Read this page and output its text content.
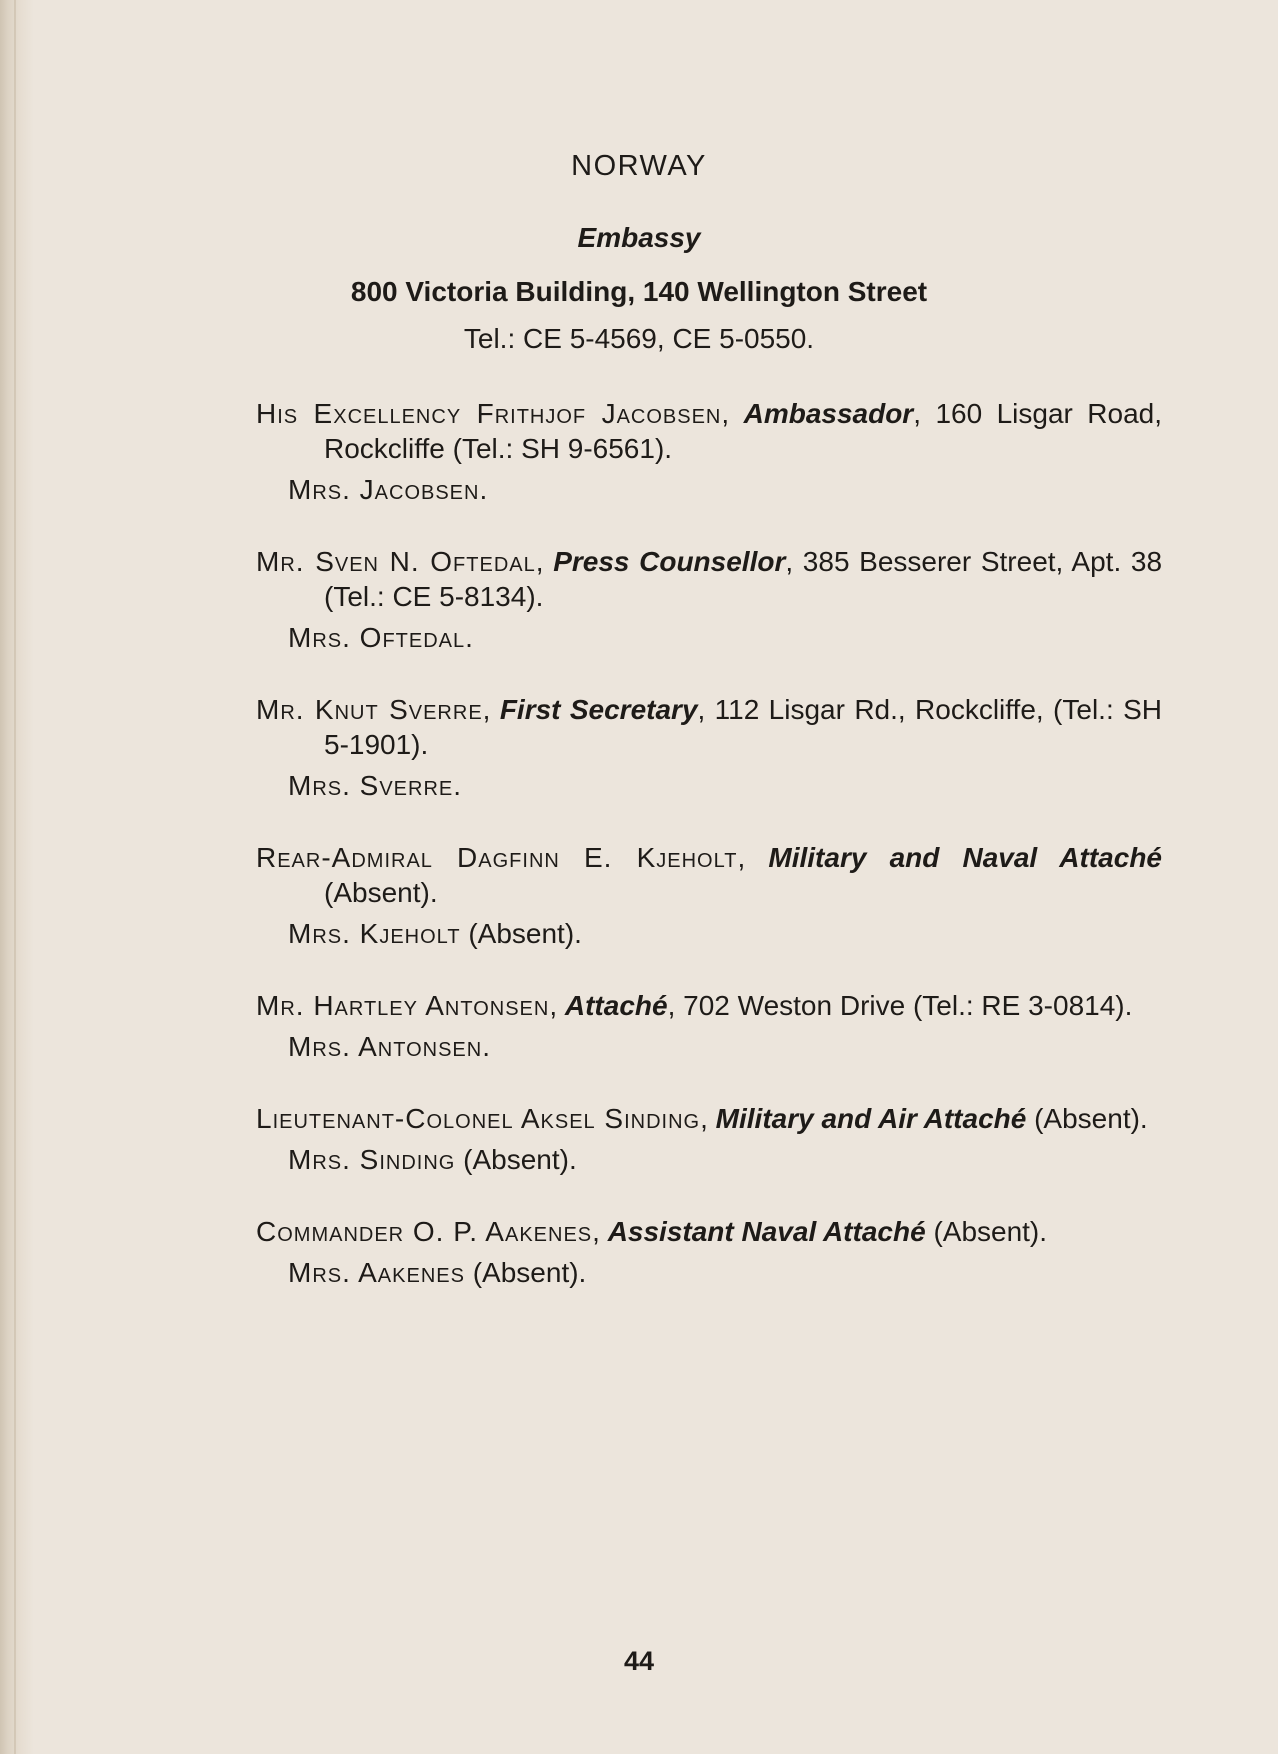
NORWAY
Embassy
800 Victoria Building, 140 Wellington Street
Tel.: CE 5-4569, CE 5-0550.
His Excellency Frithjof Jacobsen, Ambassador, 160 Lisgar Road, Rockcliffe (Tel.: SH 9-6561).
Mrs. Jacobsen.
Mr. Sven N. Oftedal, Press Counsellor, 385 Besserer Street, Apt. 38 (Tel.: CE 5-8134).
Mrs. Oftedal.
Mr. Knut Sverre, First Secretary, 112 Lisgar Rd., Rockcliffe, (Tel.: SH 5-1901).
Mrs. Sverre.
Rear-Admiral Dagfinn E. Kjeholt, Military and Naval Attaché (Absent).
Mrs. Kjeholt (Absent).
Mr. Hartley Antonsen, Attaché, 702 Weston Drive (Tel.: RE 3-0814).
Mrs. Antonsen.
Lieutenant-Colonel Aksel Sinding, Military and Air Attaché (Absent).
Mrs. Sinding (Absent).
Commander O. P. Aakenes, Assistant Naval Attaché (Absent).
Mrs. Aakenes (Absent).
44
